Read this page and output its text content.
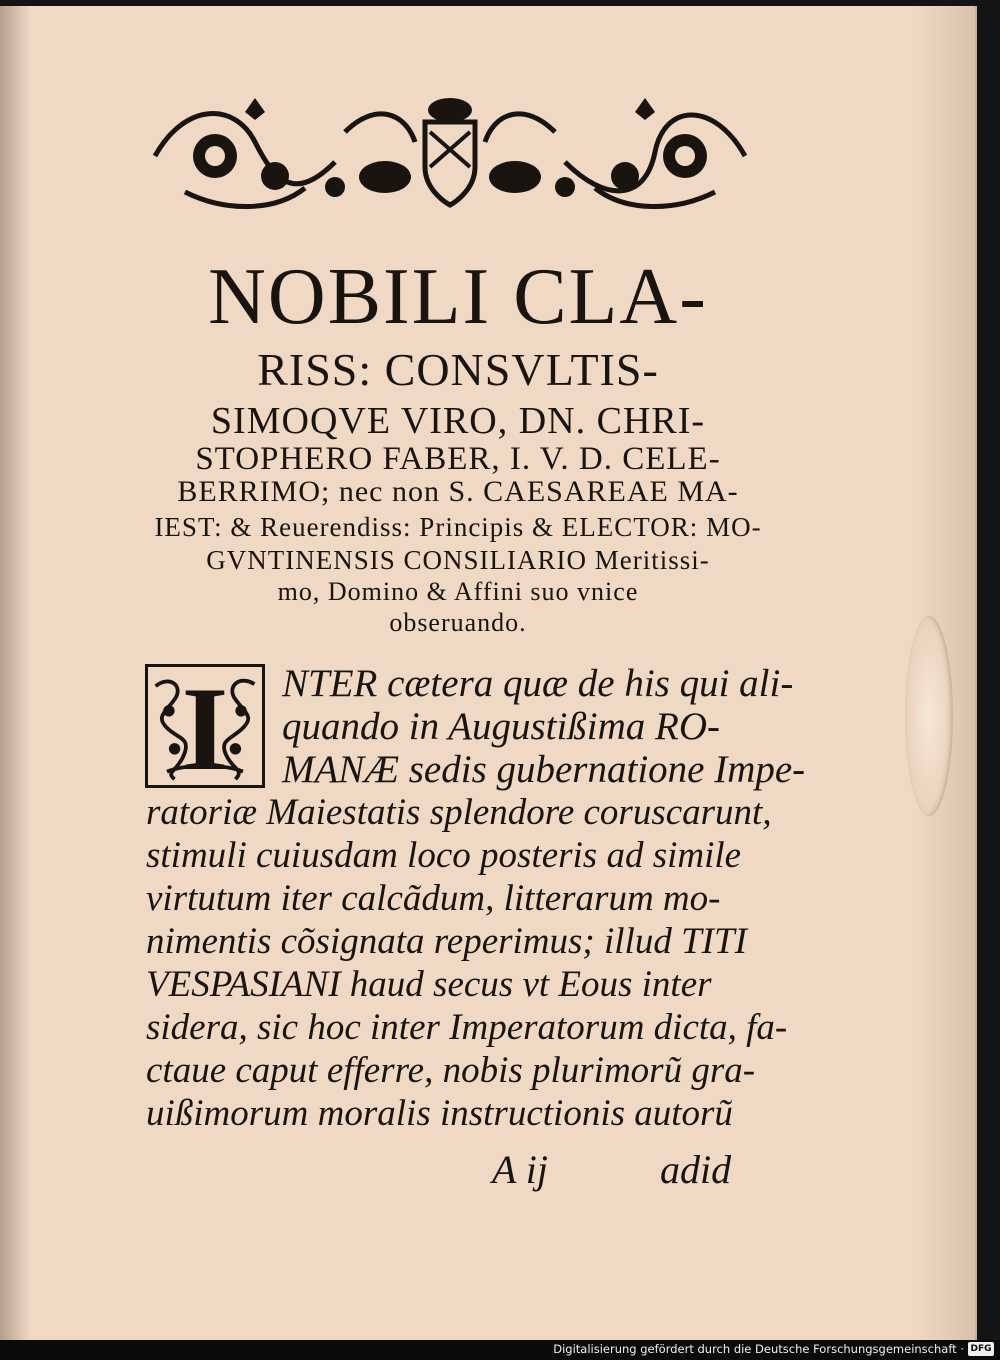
NOBILI CLA-
RISS: CONSVLTIS-
SIMOQVE VIRO, DN. CHRI-
STOPHERO FABER, I. V. D. CELE-
BERRIMO; nec non S. CAESAREAE MA-
IEST: & Reuerendiss: Principis & ELECTOR: MO-
GVNTINENSIS CONSILIARIO Meritissi-
mo, Domino & Affini suo vnice
obseruando.
I	NTER cætera quæ de his qui ali-
quando in Augustißima RO-
MANÆ sedis gubernatione Impe-
ratoriæ Maiestatis splendore coruscarunt,
stimuli cuiusdam loco posteris ad simile
virtutum iter calcãdum, litterarum mo-
nimentis cõsignata reperimus; illud TITI
VESPASIANI haud secus vt Eous inter
sidera, sic hoc inter Imperatorum dicta, fa-
ctaue caput efferre, nobis plurimorũ gra-
uißimorum moralis instructionis autorũ
A ij	adid
Digitalisierung gefördert durch die Deutsche Forschungsgemeinschaft · DFG
